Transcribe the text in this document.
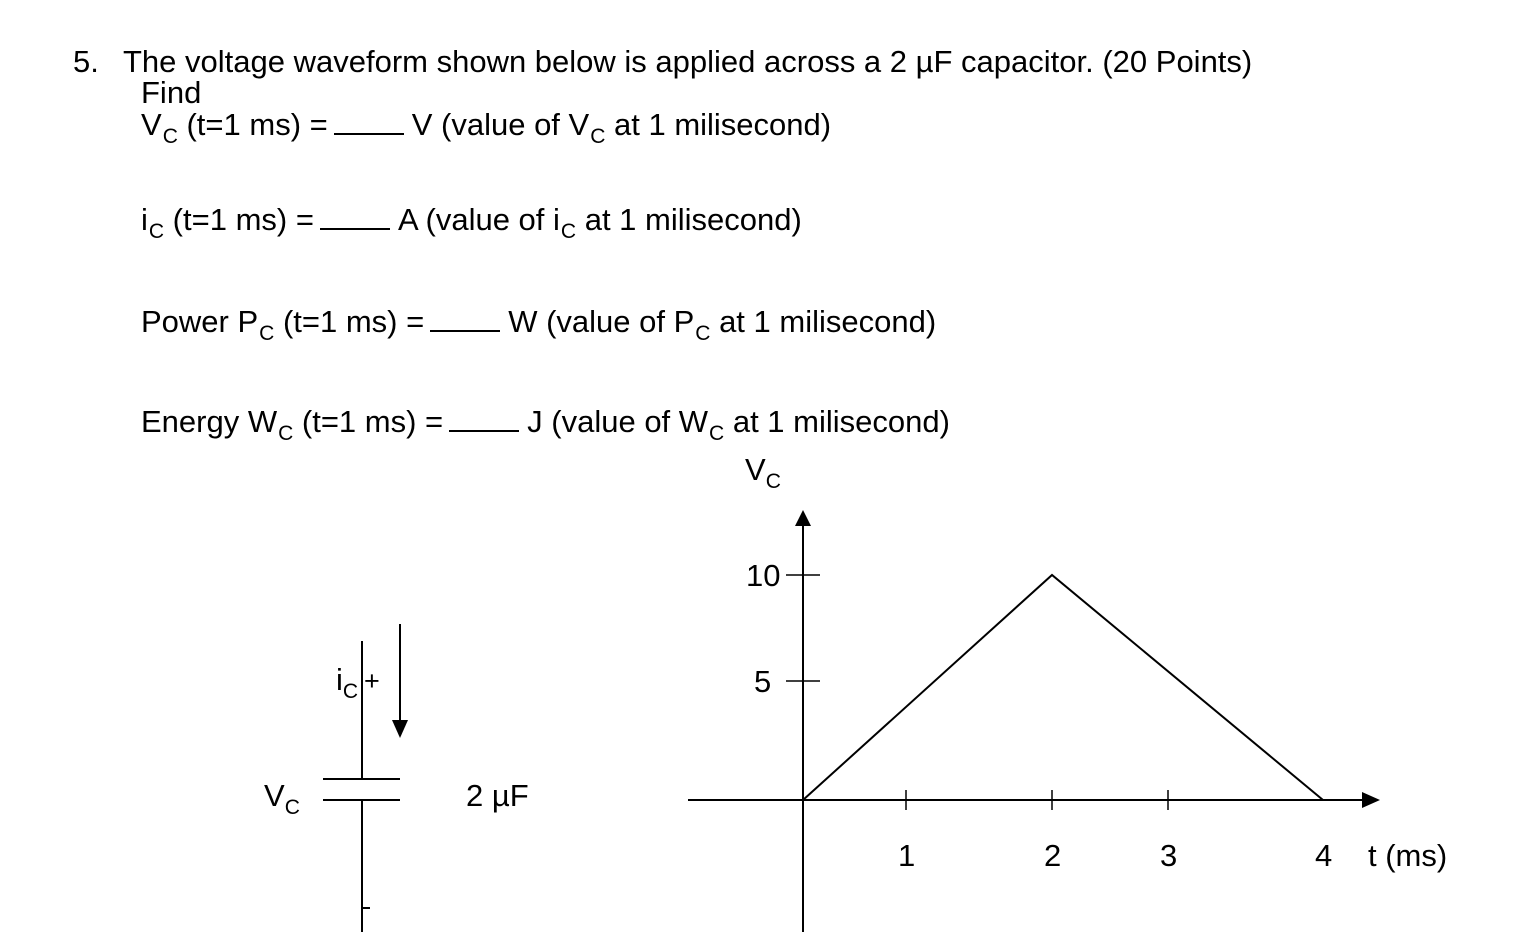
5. The voltage waveform shown below is applied across a 2 µF capacitor. (20 Points)
Find
$V_C$ (t=1 ms) =	V (value of $V_C$ at 1 milisecond)
$i_C$ (t=1 ms) =	A (value of $i_C$ at 1 milisecond)
Power $P_C$ (t=1 ms) =	W (value of $P_C$ at 1 milisecond)
Energy $W_C$ (t=1 ms) =	J (value of $W_C$ at 1 milisecond)
$i_C$ +
$V_C$	2 µF
$V_C$
t (ms)
1	2	3	4
5
10
